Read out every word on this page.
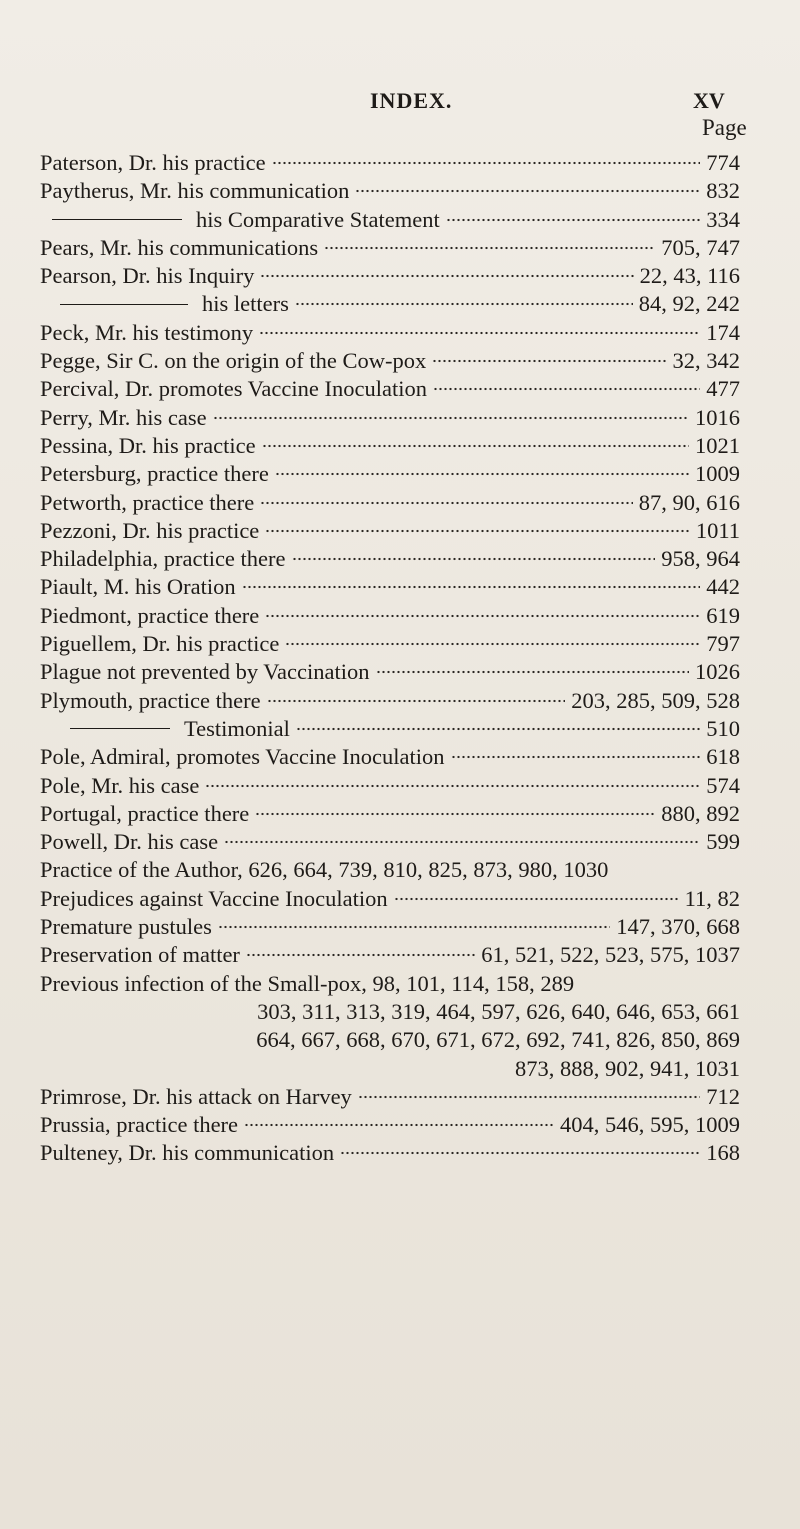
INDEX.	XV
Page
Paterson, Dr. his practice	774
Paytherus, Mr. his communication	832
his Comparative Statement	334
Pears, Mr. his communications	705, 747
Pearson, Dr. his Inquiry	22, 43, 116
his letters	84, 92, 242
Peck, Mr. his testimony	174
Pegge, Sir C. on the origin of the Cow-pox	32, 342
Percival, Dr. promotes Vaccine Inoculation	477
Perry, Mr. his case	1016
Pessina, Dr. his practice	1021
Petersburg, practice there	1009
Petworth, practice there	87, 90, 616
Pezzoni, Dr. his practice	1011
Philadelphia, practice there	958, 964
Piault, M. his Oration	442
Piedmont, practice there	619
Piguellem, Dr. his practice	797
Plague not prevented by Vaccination	1026
Plymouth, practice there	203, 285, 509, 528
Testimonial	510
Pole, Admiral, promotes Vaccine Inoculation	618
Pole, Mr. his case	574
Portugal, practice there	880, 892
Powell, Dr. his case	599
Practice of the Author, 626, 664, 739, 810, 825, 873, 980, 1030
Prejudices against Vaccine Inoculation	11, 82
Premature pustules	147, 370, 668
Preservation of matter	61, 521, 522, 523, 575, 1037
Previous infection of the Small-pox, 98, 101, 114, 158, 289
303, 311, 313, 319, 464, 597, 626, 640, 646, 653, 661
664, 667, 668, 670, 671, 672, 692, 741, 826, 850, 869
873, 888, 902, 941, 1031
Primrose, Dr. his attack on Harvey	712
Prussia, practice there	404, 546, 595, 1009
Pulteney, Dr. his communication	168
